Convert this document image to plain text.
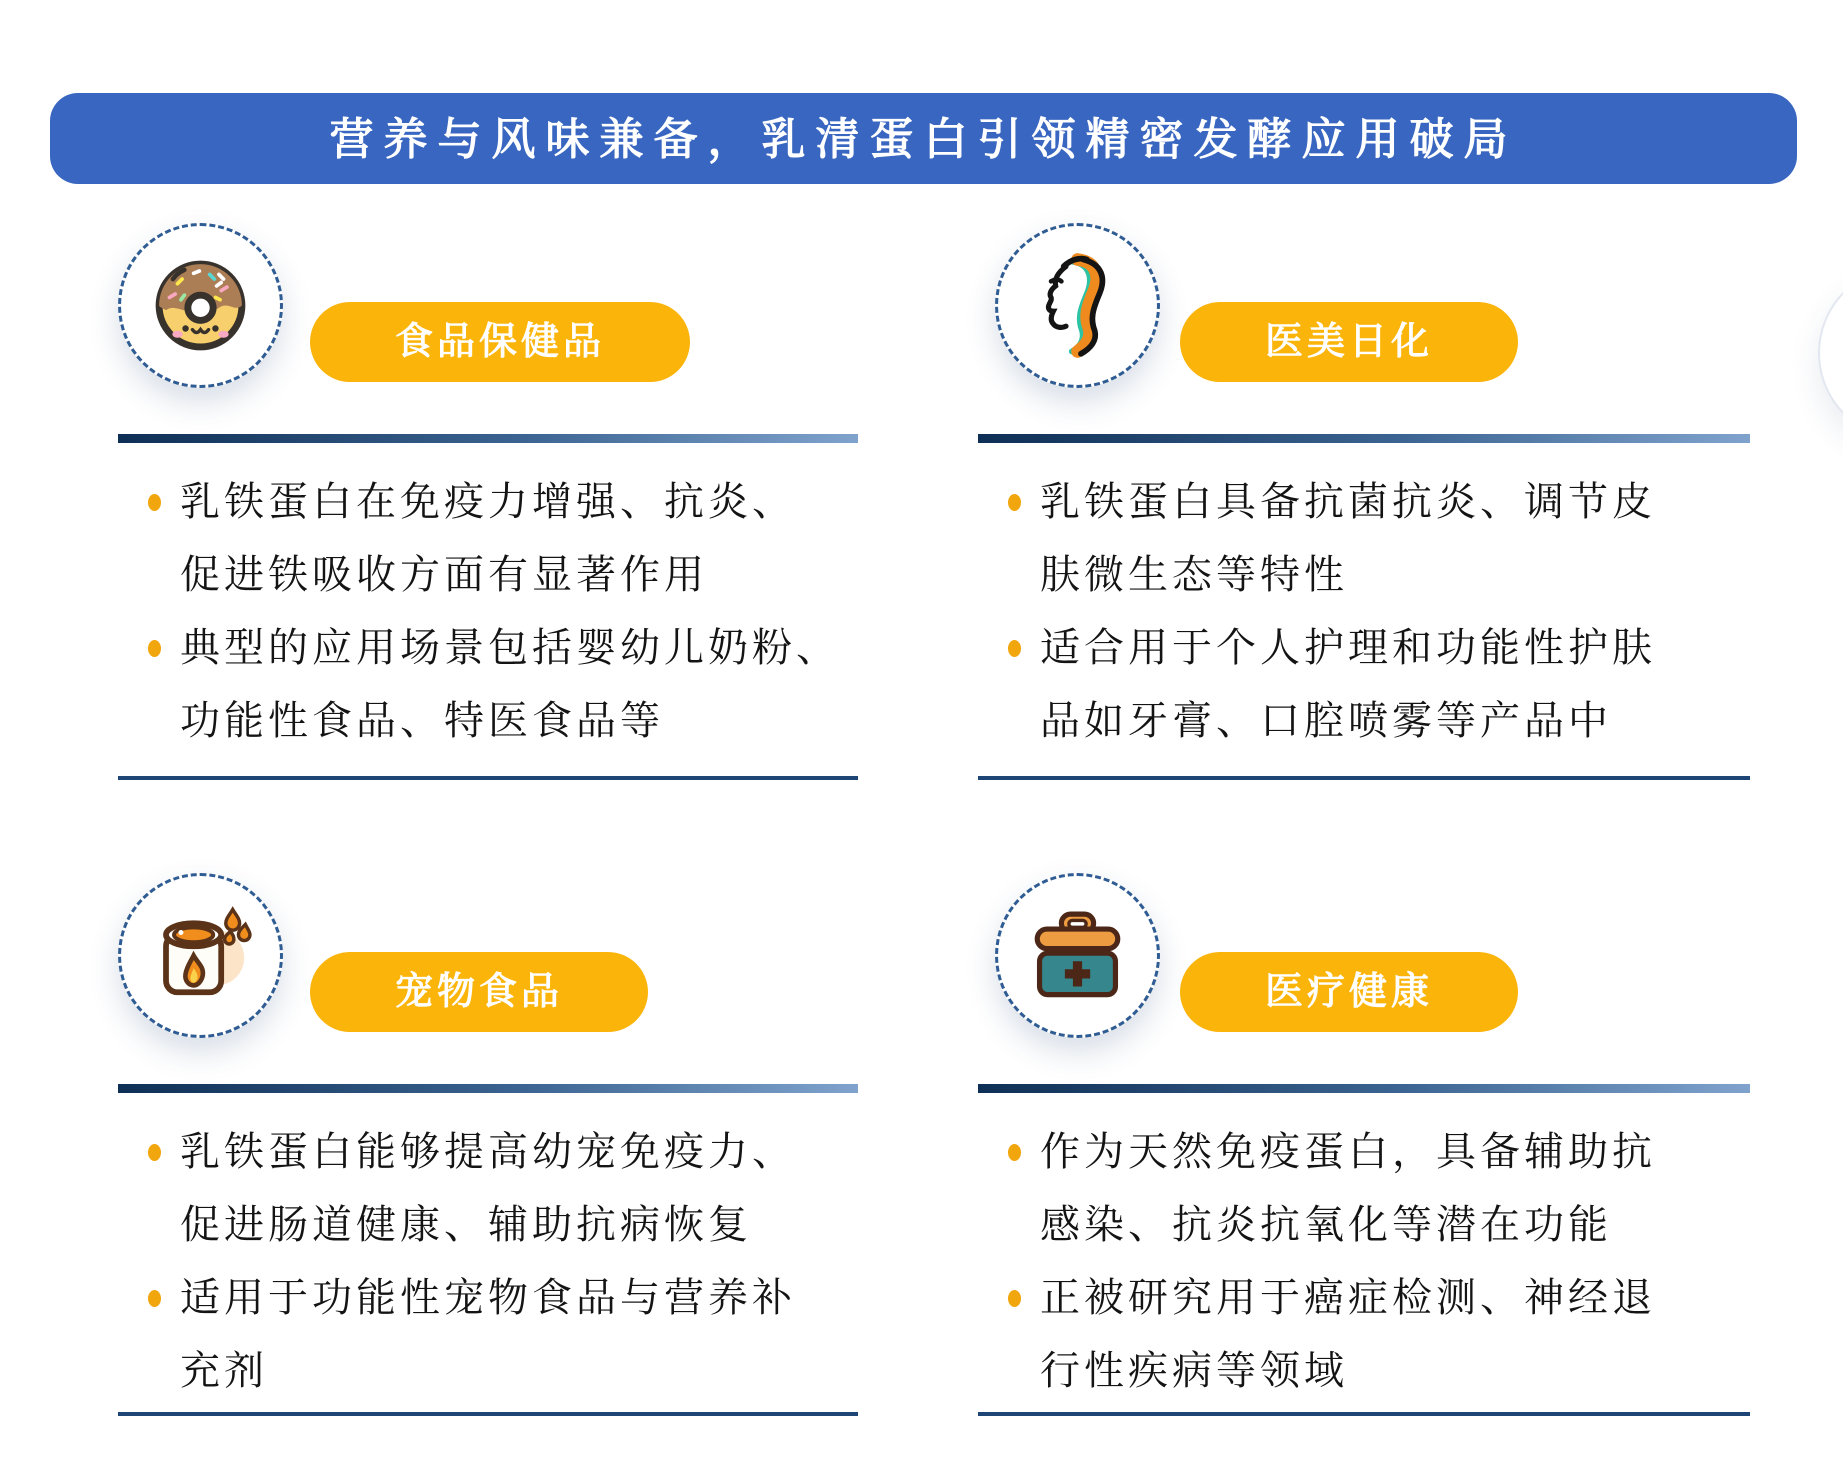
营养与风味兼备，乳清蛋白引领精密发酵应用破局
食品保健品
乳铁蛋白在免疫力增强、抗炎、
促进铁吸收方面有显著作用
典型的应用场景包括婴幼儿奶粉、
功能性食品、特医食品等
医美日化
乳铁蛋白具备抗菌抗炎、调节皮
肤微生态等特性
适合用于个人护理和功能性护肤
品如牙膏、口腔喷雾等产品中
宠物食品
乳铁蛋白能够提高幼宠免疫力、
促进肠道健康、辅助抗病恢复
适用于功能性宠物食品与营养补
充剂
医疗健康
作为天然免疫蛋白，具备辅助抗
感染、抗炎抗氧化等潜在功能
正被研究用于癌症检测、神经退
行性疾病等领域
